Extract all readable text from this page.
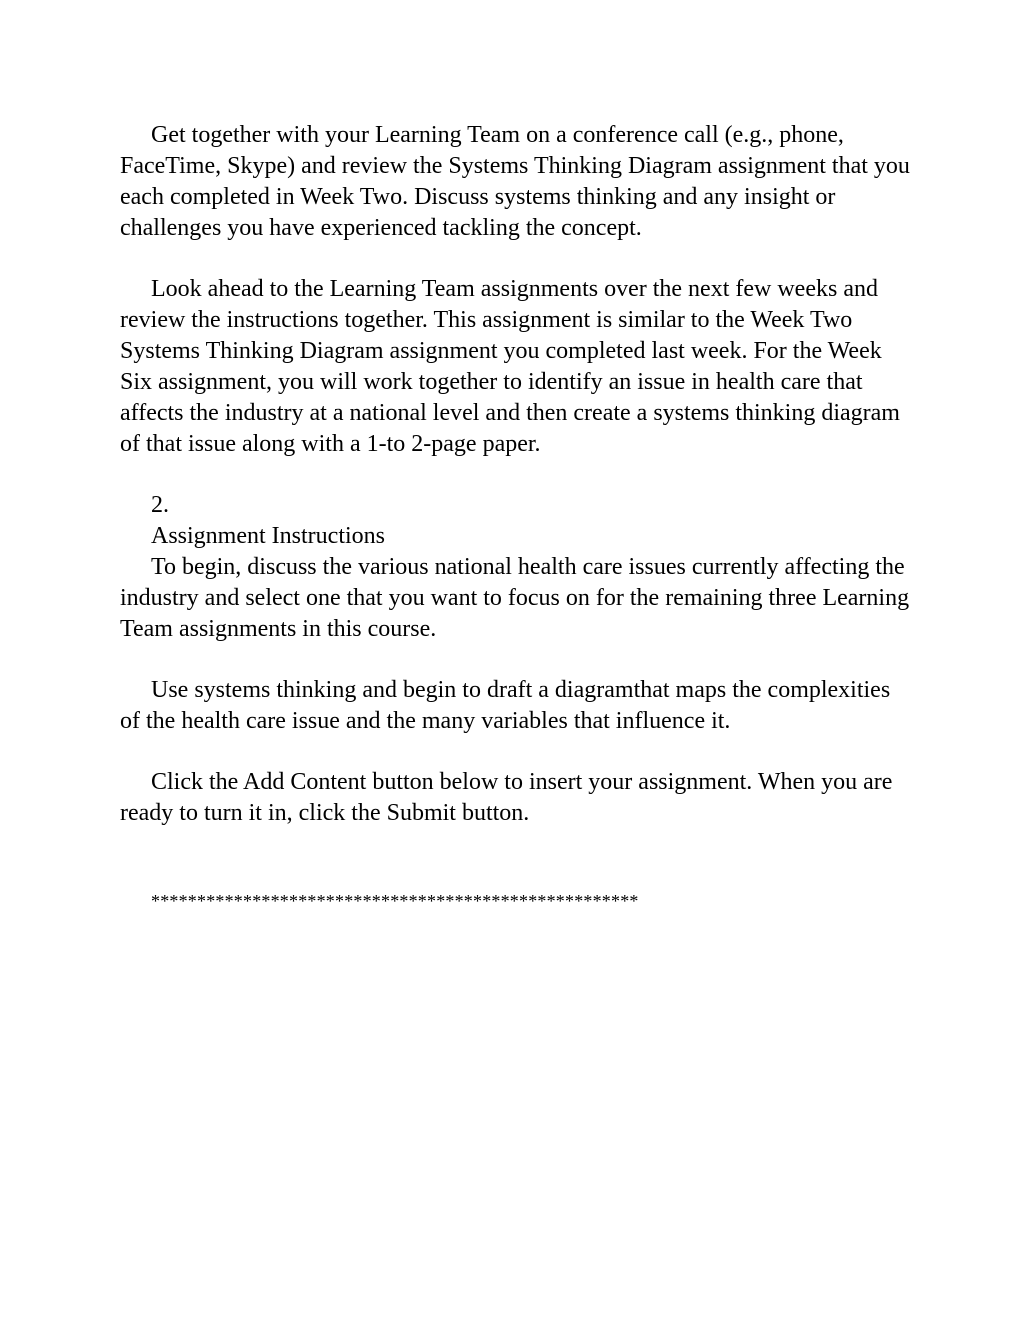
Get together with your Learning Team on a conference call (e.g., phone, FaceTime, Skype) and review the Systems Thinking Diagram assignment that you each completed in Week Two. Discuss systems thinking and any insight or challenges you have experienced tackling the concept.

Look ahead to the Learning Team assignments over the next few weeks and review the instructions together. This assignment is similar to the Week Two Systems Thinking Diagram assignment you completed last week. For the Week Six assignment, you will work together to identify an issue in health care that affects the industry at a national level and then create a systems thinking diagram of that issue along with a 1-to 2-page paper.

2.

Assignment Instructions

To begin, discuss the various national health care issues currently affecting the industry and select one that you want to focus on for the remaining three Learning Team assignments in this course.

Use systems thinking and begin to draft a diagramthat maps the complexities of the health care issue and the many variables that influence it.

Click the Add Content button below to insert your assignment. When you are ready to turn it in, click the Submit button.

*****************************************************
